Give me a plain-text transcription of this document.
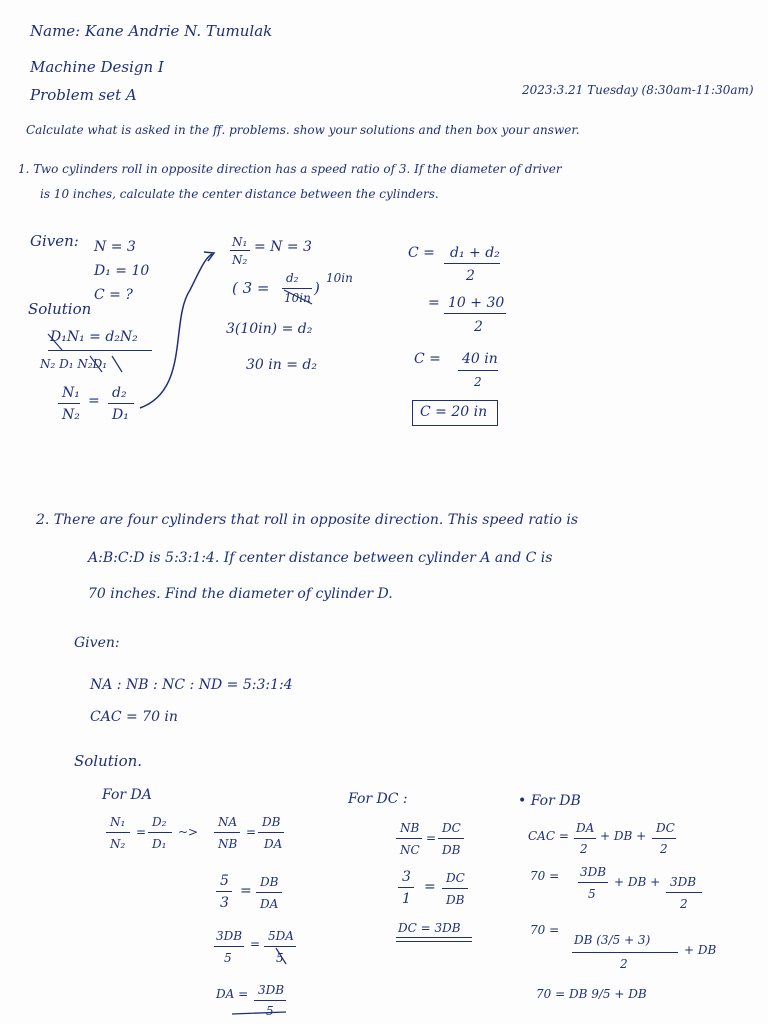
Name: Kane Andrie N. Tumulak
Machine Design I
Problem set A	2023:3.21 Tuesday (8:30am-11:30am)
Calculate what is asked in the ff. problems. show your solutions and then box your answer.
1. Two cylinders roll in opposite direction has a speed ratio of 3. If the diameter of driver
is 10 inches, calculate the center distance between the cylinders.
Given: N = 3
D₁ = 10
C = ?
Solution
D₁N₁ = d₂N₂
N₂ D₁ N₂D₁
N₁
N₂
= d₂
D₁
N₁
N₂
= N = 3
( 3 =
d₂
10in
)
10in
3(10in) = d₂
30 in = d₂
C = d₁ + d₂
2
= 10 + 30
2
C = 40 in
2
C = 20 in
2. There are four cylinders that roll in opposite direction. This speed ratio is
A:B:C:D is 5:3:1:4. If center distance between cylinder A and C is
70 inches. Find the diameter of cylinder D.
Given:
NA : NB : NC : ND = 5:3:1:4
CAC = 70 in
Solution.
For DA
N₁
N₂
=
D₂
D₁
~>
NA
NB
=
DB
DA
5
3
=
DB
DA
3DB
5
=
5DA
5
DA = 3DB
5
For DC :
NB
NC
=
DC
DB
3
1
=
DC
DB
DC = 3DB
• For DB
CAC =
DA
2
+ DB +
DC
2
70 = 3DB
5
+ DB + 3DB
2
70 =
DB (3/5 + 3)
2
+ DB
70 = DB 9/5 + DB
